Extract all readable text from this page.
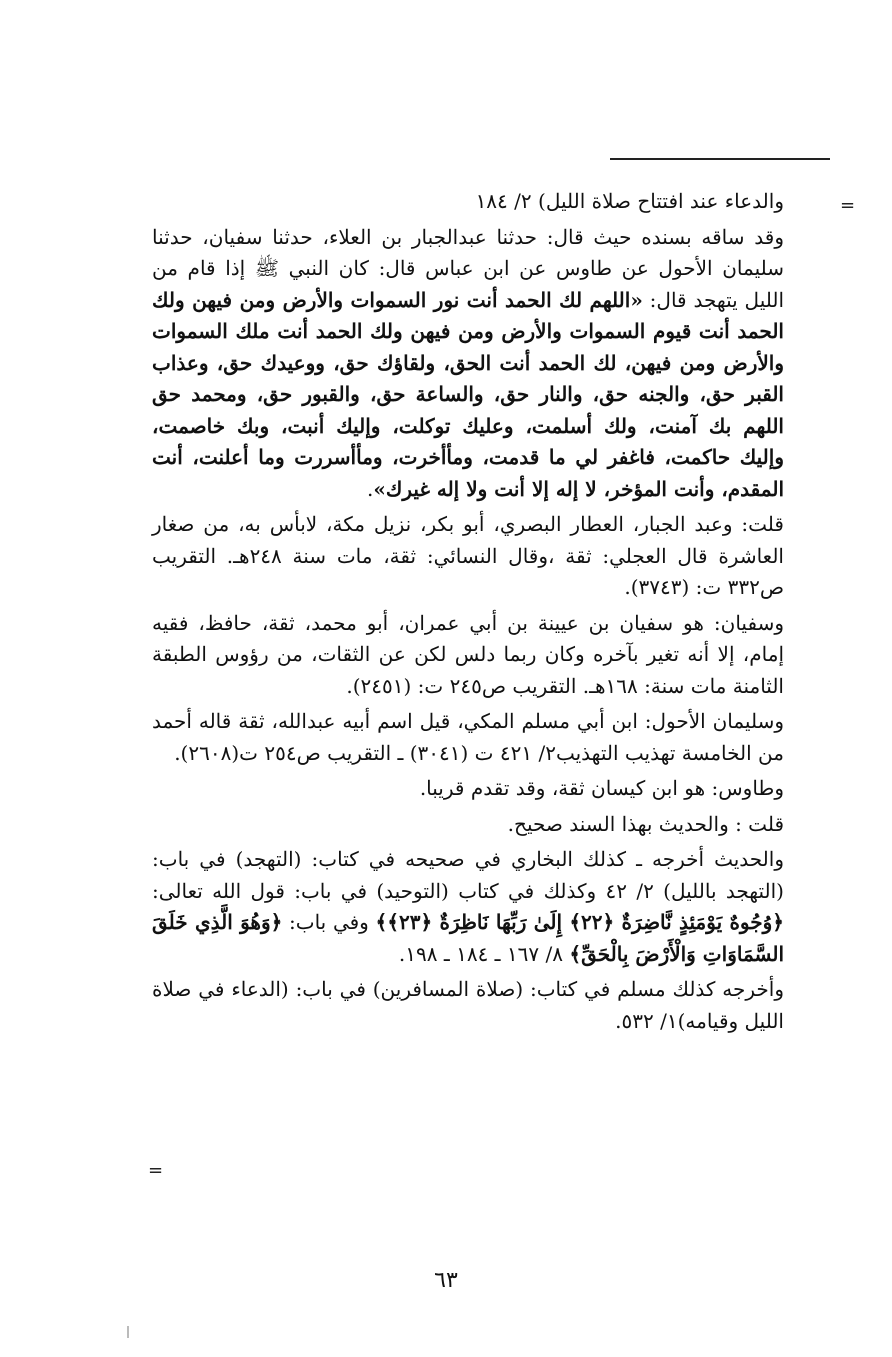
=

والدعاء عند افتتاح صلاة الليل) ٢/ ١٨٤

وقد ساقه بسنده حيث قال: حدثنا عبدالجبار بن العلاء، حدثنا سفيان، حدثنا سليمان الأحول عن طاوس عن ابن عباس قال: كان النبي ﷺ إذا قام من الليل يتهجد قال: «اللهم لك الحمد أنت نور السموات والأرض ومن فيهن ولك الحمد أنت قيوم السموات والأرض ومن فيهن ولك الحمد أنت ملك السموات والأرض ومن فيهن، لك الحمد أنت الحق، ولقاؤك حق، ووعيدك حق، وعذاب القبر حق، والجنه حق، والنار حق، والساعة حق، والقبور حق، ومحمد حق اللهم بك آمنت، ولك أسلمت، وعليك توكلت، وإليك أنبت، وبك خاصمت، وإليك حاكمت، فاغفر لي ما قدمت، ومأأخرت، ومأأسررت وما أعلنت، أنت المقدم، وأنت المؤخر، لا إله إلا أنت ولا إله غيرك».

قلت: وعبد الجبار، العطار البصري، أبو بكر، نزيل مكة، لابأس به، من صغار العاشرة قال العجلي: ثقة ،وقال النسائي: ثقة، مات سنة ٢٤٨هـ. التقريب ص٣٣٢ ت: (٣٧٤٣).

وسفيان: هو سفيان بن عيينة بن أبي عمران، أبو محمد، ثقة، حافظ، فقيه إمام، إلا أنه تغير بآخره وكان ربما دلس لكن عن الثقات، من رؤوس الطبقة الثامنة مات سنة: ١٦٨هـ. التقريب ص٢٤٥ ت: (٢٤٥١).

وسليمان الأحول: ابن أبي مسلم المكي، قيل اسم أبيه عبدالله، ثقة قاله أحمد من الخامسة تهذيب التهذيب٢/ ٤٢١ ت (٣٠٤١) ـ التقريب ص٢٥٤ ت(٢٦٠٨).

وطاوس: هو ابن كيسان ثقة، وقد تقدم قريبا.

قلت : والحديث بهذا السند صحيح.

والحديث أخرجه ـ كذلك البخاري في صحيحه في كتاب: (التهجد) في باب: (التهجد بالليل) ٢/ ٤٢ وكذلك في كتاب (التوحيد) في باب: قول الله تعالى: ﴿وُجُوهٌ يَوْمَئِذٍ نَّاضِرَةٌ ﴿٢٢﴾ إِلَىٰ رَبِّهَا نَاظِرَةٌ ﴿٢٣﴾﴾ وفي باب: ﴿وَهُوَ الَّذِي خَلَقَ السَّمَاوَاتِ وَالْأَرْضَ بِالْحَقِّ﴾ ٨/ ١٦٧ ـ ١٨٤ ـ ١٩٨.

وأخرجه كذلك مسلم في كتاب: (صلاة المسافرين) في باب: (الدعاء في صلاة الليل وقيامه)١/ ٥٣٢.

=
٦٣
